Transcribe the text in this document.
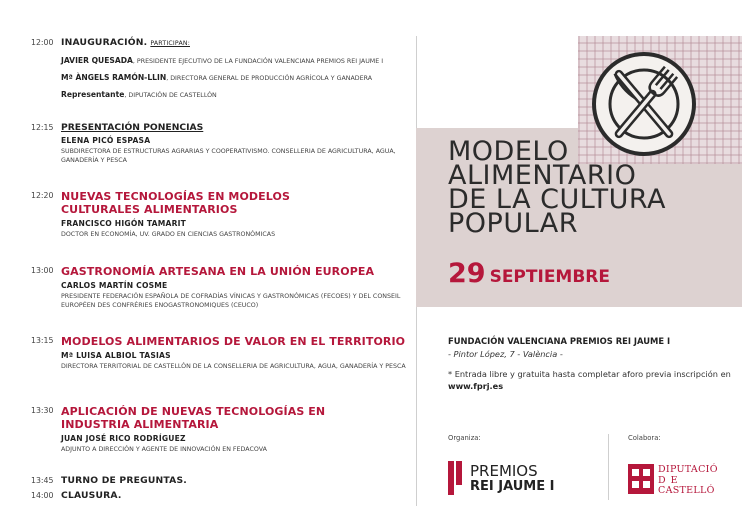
12:00 INAUGURACIÓN. PARTICIPAN:
JAVIER QUESADA, PRESIDENTE EJECUTIVO DE LA FUNDACIÓN VALENCIANA PREMIOS REI JAUME I
Mª ÀNGELS RAMÓN-LLIN, DIRECTORA GENERAL DE PRODUCCIÓN AGRÍCOLA Y GANADERA
Representante, DIPUTACIÓN DE CASTELLÓN
12:15 PRESENTACIÓN PONENCIAS
ELENA PICÓ ESPASA
SUBDIRECTORA DE ESTRUCTURAS AGRARIAS Y COOPERATIVISMO. CONSELLERIA DE AGRICULTURA, AGUA, GANADERÍA Y PESCA
12:20 NUEVAS TECNOLOGÍAS EN MODELOS CULTURALES ALIMENTARIOS
FRANCISCO HIGÓN TAMARIT
DOCTOR EN ECONOMÍA, UV. GRADO EN CIENCIAS GASTRONÓMICAS
13:00 GASTRONOMÍA ARTESANA EN LA UNIÓN EUROPEA
CARLOS MARTÍN COSME
PRESIDENTE FEDERACIÓN ESPAÑOLA DE COFRADÍAS VÍNICAS Y GASTRONÓMICAS (FECOES) Y DEL CONSEIL EUROPÉEN DES CONFRÉRIES ENOGASTRONOMIQUES (CEUCO)
13:15 MODELOS ALIMENTARIOS DE VALOR EN EL TERRITORIO
Mª LUISA ALBIOL TASIAS
DIRECTORA TERRITORIAL DE CASTELLÓN DE LA CONSELLERIA DE AGRICULTURA, AGUA, GANADERÍA Y PESCA
13:30 APLICACIÓN DE NUEVAS TECNOLOGÍAS EN INDUSTRIA ALIMENTARIA
JUAN JOSÉ RICO RODRÍGUEZ
ADJUNTO A DIRECCIÓN Y AGENTE DE INNOVACIÓN EN FEDACOVA
13:45 TURNO DE PREGUNTAS.
14:00 CLAUSURA.
MODELO
ALIMENTARIO
DE LA CULTURA
POPULAR
29 SEPTIEMBRE
FUNDACIÓN VALENCIANA PREMIOS REI JAUME I
- Pintor López, 7 - València -
* Entrada libre y gratuita hasta completar aforo previa inscripción en www.fprj.es
Organiza:	Colabora:
PREMIOS
REI JAUME I
DIPUTACIÓ
DE
CASTELLÓ
